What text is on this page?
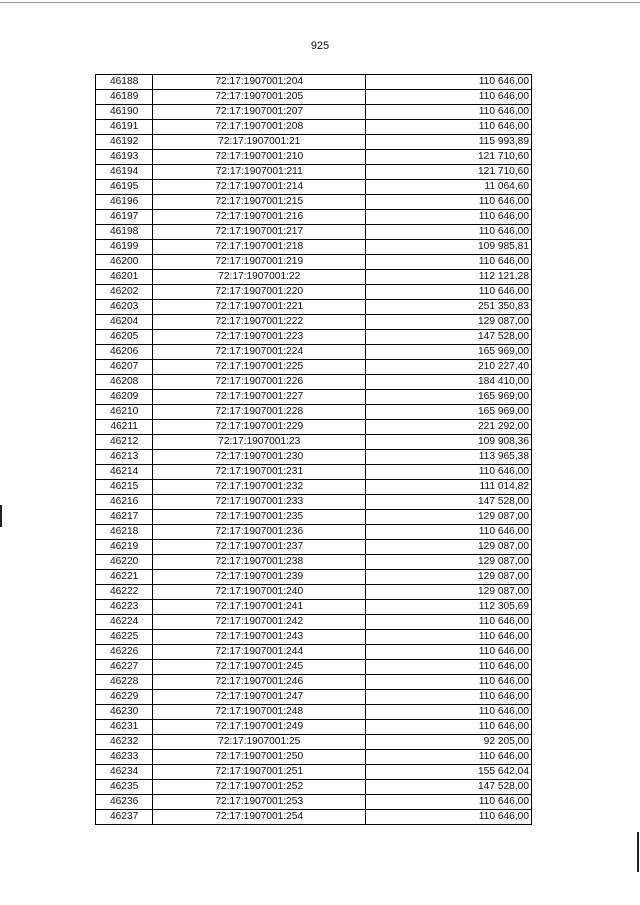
925
46188	72:17:1907001:204	110 646,00
46189	72:17:1907001:205	110 646,00
46190	72:17:1907001:207	110 646,00
46191	72:17:1907001:208	110 646,00
46192	72:17:1907001:21	115 993,89
46193	72:17:1907001:210	121 710,60
46194	72:17:1907001:211	121 710,60
46195	72:17:1907001:214	11 064,60
46196	72:17:1907001:215	110 646,00
46197	72:17:1907001:216	110 646,00
46198	72:17:1907001:217	110 646,00
46199	72:17:1907001:218	109 985,81
46200	72:17:1907001:219	110 646,00
46201	72:17:1907001:22	112 121,28
46202	72:17:1907001:220	110 646,00
46203	72:17:1907001:221	251 350,83
46204	72:17:1907001:222	129 087,00
46205	72:17:1907001:223	147 528,00
46206	72:17:1907001:224	165 969,00
46207	72:17:1907001:225	210 227,40
46208	72:17:1907001:226	184 410,00
46209	72:17:1907001:227	165 969,00
46210	72:17:1907001:228	165 969,00
46211	72:17:1907001:229	221 292,00
46212	72:17:1907001:23	109 908,36
46213	72:17:1907001:230	113 965,38
46214	72:17:1907001:231	110 646,00
46215	72:17:1907001:232	111 014,82
46216	72:17:1907001:233	147 528,00
46217	72:17:1907001:235	129 087,00
46218	72:17:1907001:236	110 646,00
46219	72:17:1907001:237	129 087,00
46220	72:17:1907001:238	129 087,00
46221	72:17:1907001:239	129 087,00
46222	72:17:1907001:240	129 087,00
46223	72:17:1907001:241	112 305,69
46224	72:17:1907001:242	110 646,00
46225	72:17:1907001:243	110 646,00
46226	72:17:1907001:244	110 646,00
46227	72:17:1907001:245	110 646,00
46228	72:17:1907001:246	110 646,00
46229	72:17:1907001:247	110 646,00
46230	72:17:1907001:248	110 646,00
46231	72:17:1907001:249	110 646,00
46232	72:17:1907001:25	92 205,00
46233	72:17:1907001:250	110 646,00
46234	72:17:1907001:251	155 642,04
46235	72:17:1907001:252	147 528,00
46236	72:17:1907001:253	110 646,00
46237	72:17:1907001:254	110 646,00
